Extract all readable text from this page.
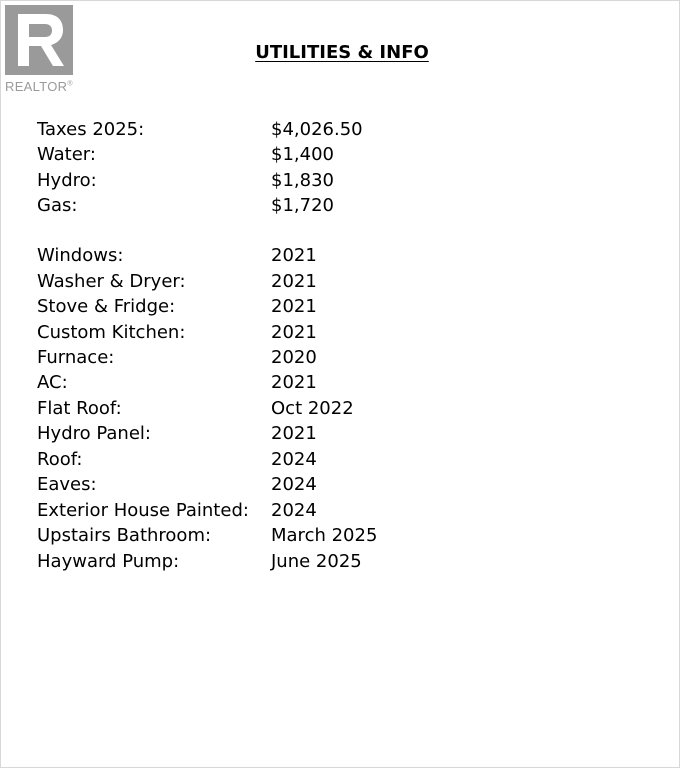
REALTOR®
UTILITIES & INFO
Taxes 2025:	$4,026.50
Water:	$1,400
Hydro:	$1,830
Gas:	$1,720
Windows:	2021
Washer & Dryer:	2021
Stove & Fridge:	2021
Custom Kitchen:	2021
Furnace:	2020
AC:	2021
Flat Roof:	Oct 2022
Hydro Panel:	2021
Roof:	2024
Eaves:	2024
Exterior House Painted: 2024
Upstairs Bathroom:	March 2025
Hayward Pump:	June 2025
